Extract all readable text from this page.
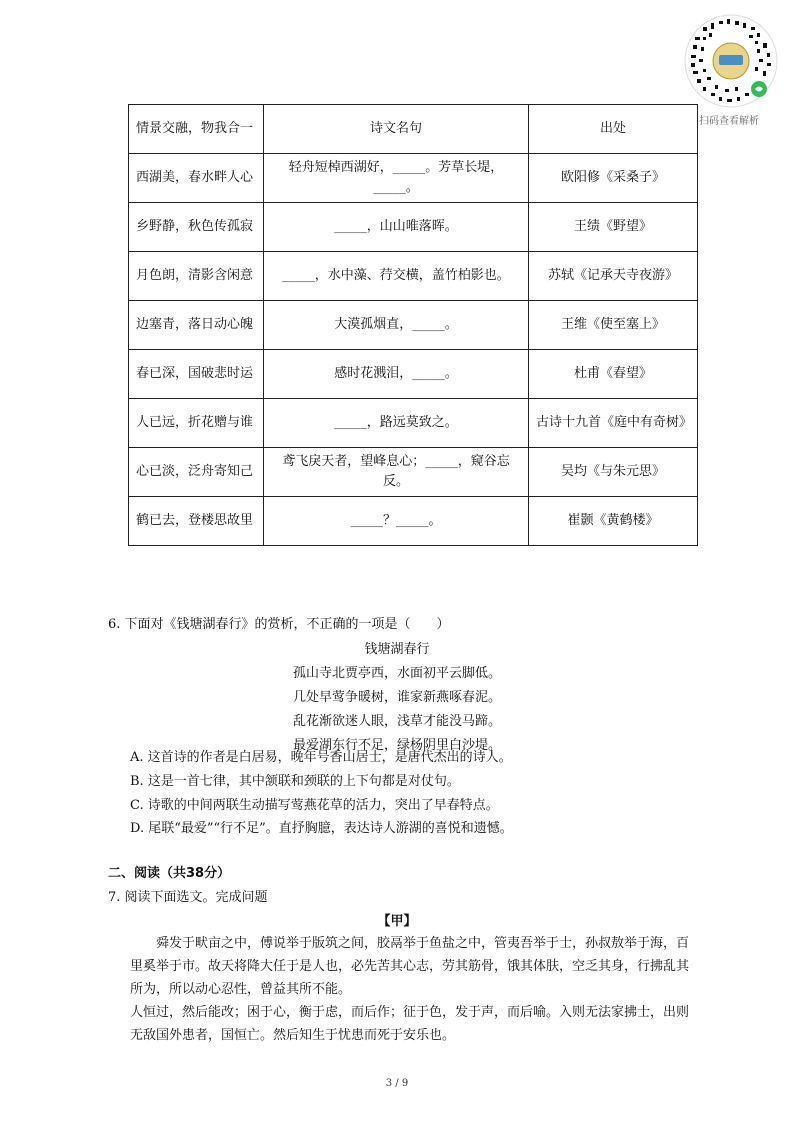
扫码查看解析
情景交融，物我合一	诗文名句	出处
西湖美，春水畔人心	轻舟短棹西湖好，_____。芳草长堤，_____。	欧阳修《采桑子》
乡野静，秋色传孤寂	_____，山山唯落晖。	王绩《野望》
月色朗，清影含闲意	_____，水中藻、荇交横，盖竹柏影也。	苏轼《记承天寺夜游》
边塞青，落日动心魄	大漠孤烟直，_____。	王维《使至塞上》
春已深，国破悲时运	感时花溅泪，_____。	杜甫《春望》
人已远，折花赠与谁	_____，路远莫致之。	古诗十九首《庭中有奇树》
心已淡，泛舟寄知己	鸢飞戾天者，望峰息心；_____，窥谷忘反。	吴均《与朱元思》
鹤已去，登楼思故里	_____？_____。	崔颢《黄鹤楼》
6. 下面对《钱塘湖春行》的赏析，不正确的一项是（　　）
钱塘湖春行
孤山寺北贾亭西，水面初平云脚低。
几处早莺争暖树，谁家新燕啄春泥。
乱花渐欲迷人眼，浅草才能没马蹄。
最爱湖东行不足，绿杨阴里白沙堤。
A. 这首诗的作者是白居易，晚年号香山居士，是唐代杰出的诗人。
B. 这是一首七律，其中颔联和颈联的上下句都是对仗句。
C. 诗歌的中间两联生动描写莺燕花草的活力，突出了早春特点。
D. 尾联“最爱”“行不足”。直抒胸臆，表达诗人游湖的喜悦和遗憾。
二、阅读（共38分）
7. 阅读下面选文。完成问题
【甲】
舜发于畎亩之中，傅说举于版筑之间，胶鬲举于鱼盐之中，管夷吾举于士，孙叔敖举于海，百里奚举于市。故天将降大任于是人也，必先苦其心志，劳其筋骨，饿其体肤，空乏其身，行拂乱其所为，所以动心忍性，曾益其所不能。
人恒过，然后能改；困于心，衡于虑，而后作；征于色，发于声，而后喻。入则无法家拂士，出则无敌国外患者，国恒亡。然后知生于忧患而死于安乐也。
3 / 9
